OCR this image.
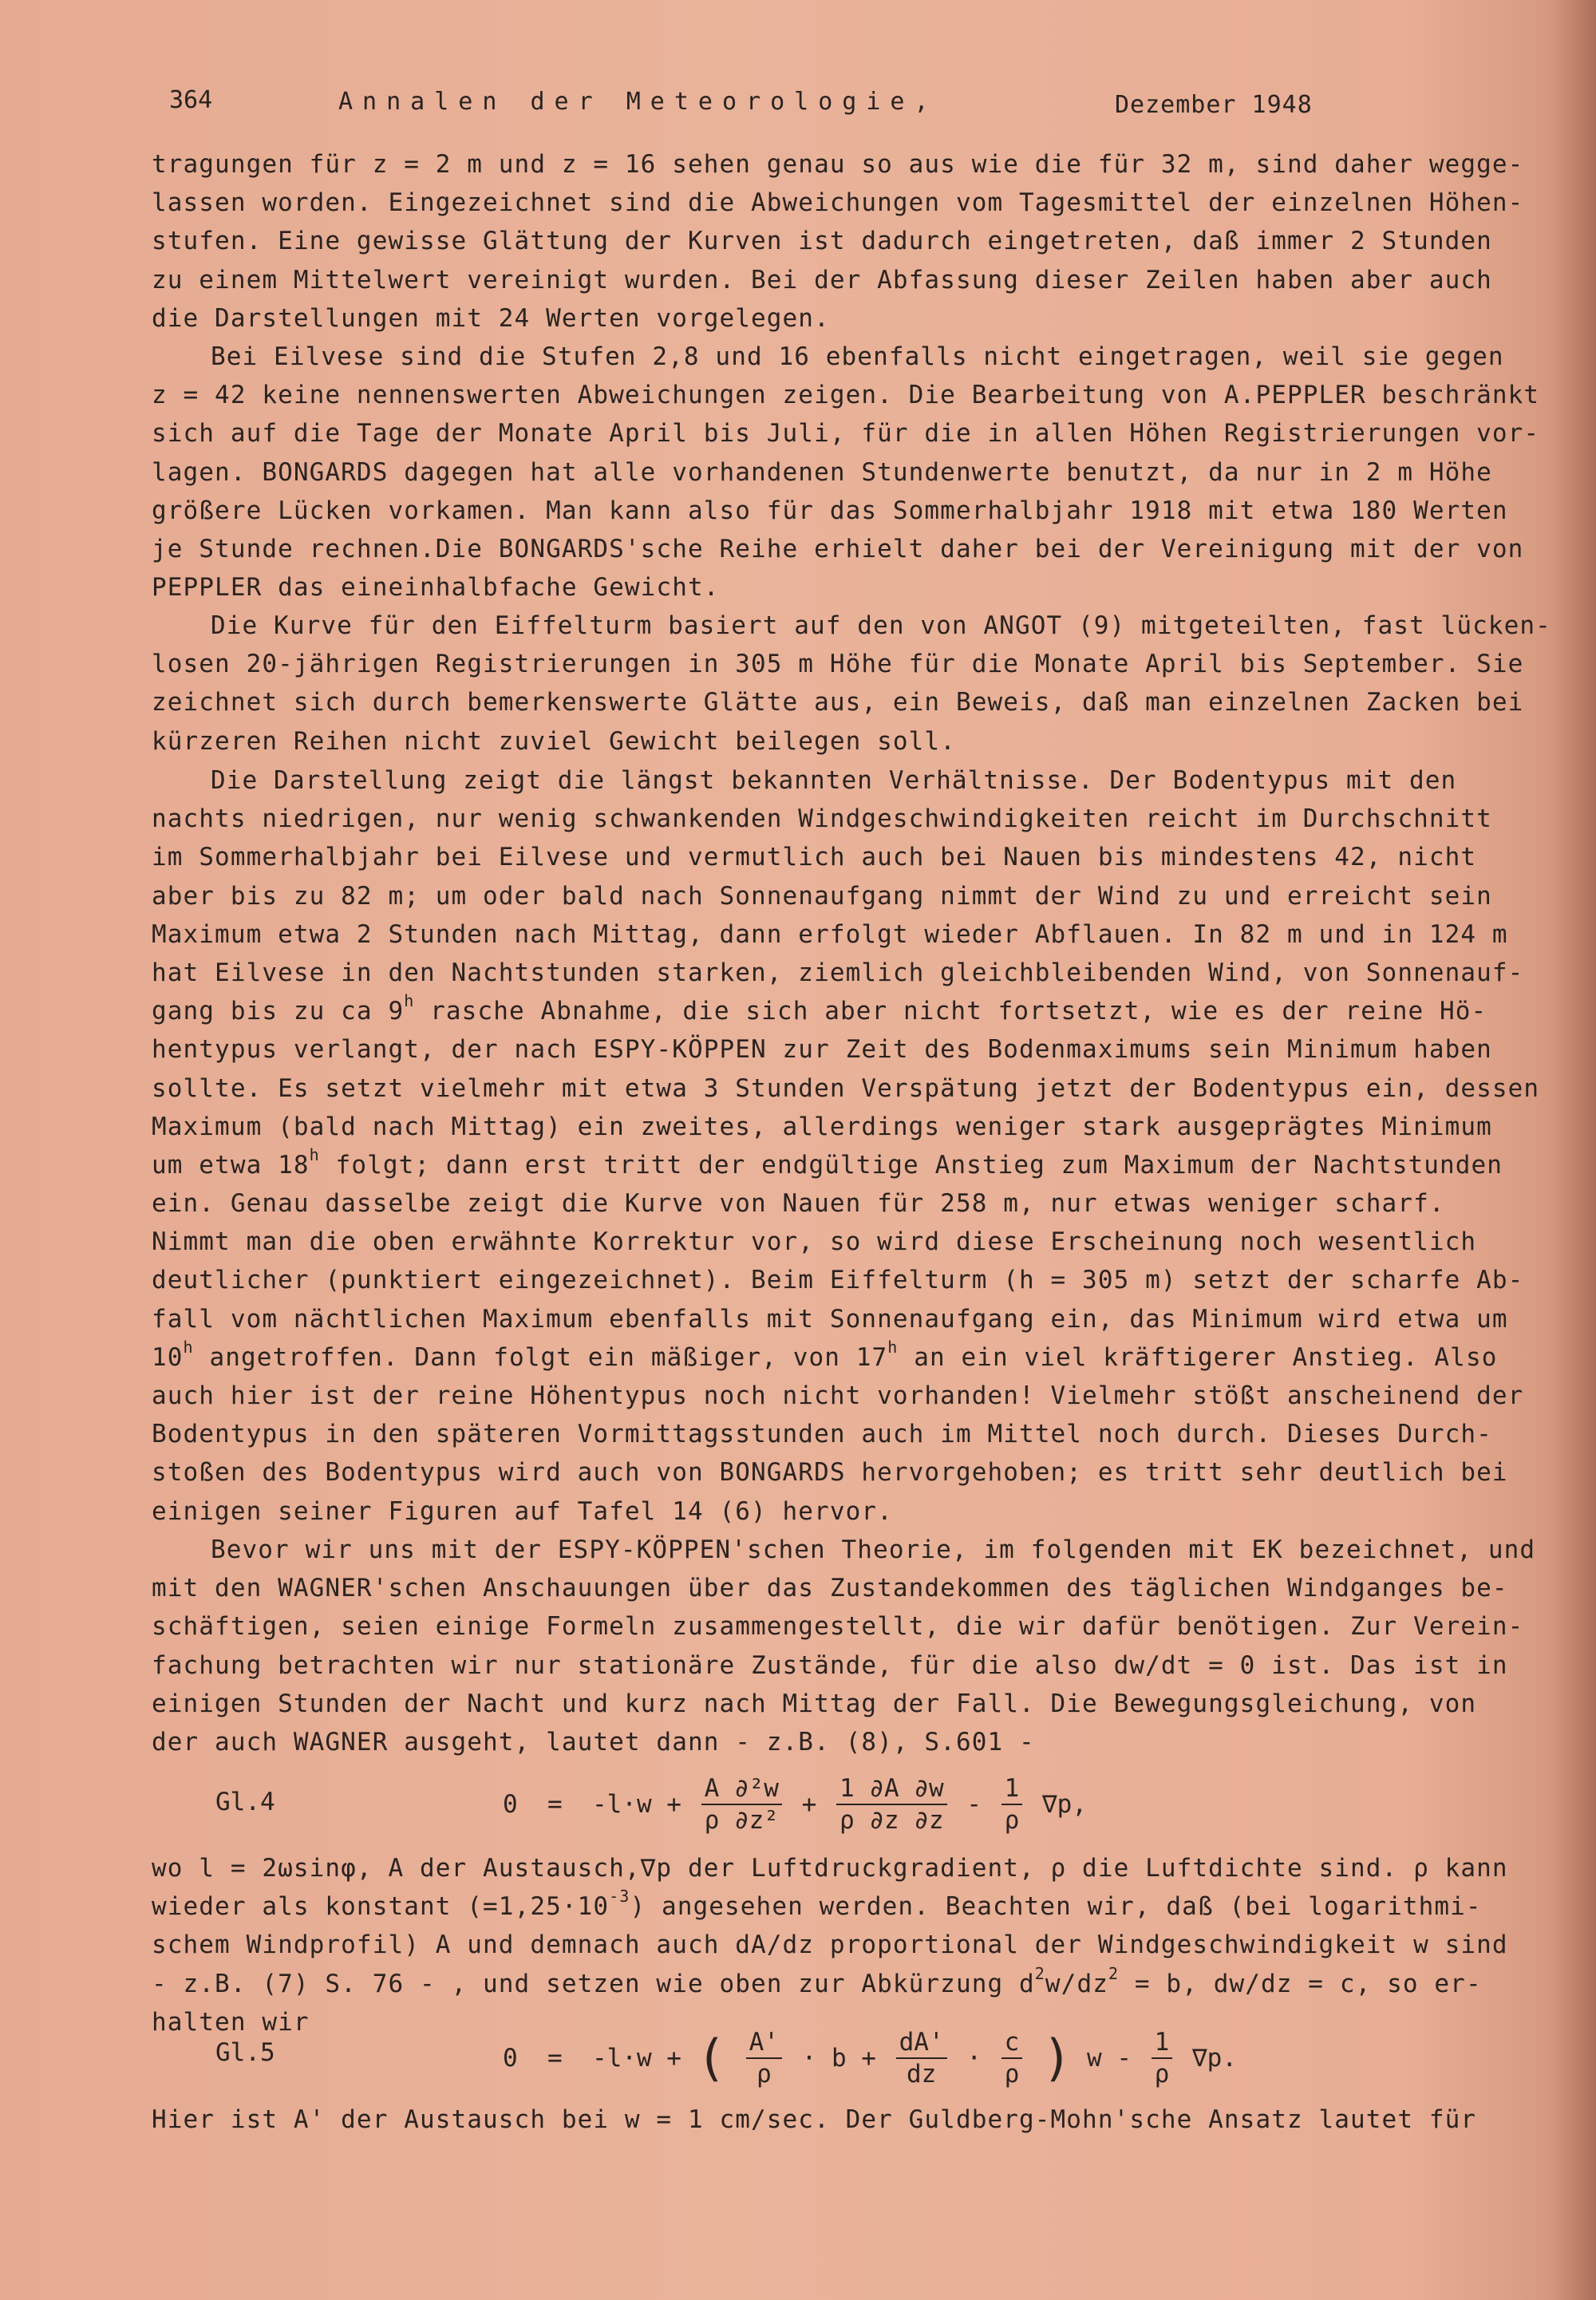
364

	Annalen der Meteorologie,

	Dezember 1948

tragungen für z = 2 m und z = 16 sehen genau so aus wie die für 32 m, sind daher wegge-
lassen worden. Eingezeichnet sind die Abweichungen vom Tagesmittel der einzelnen Höhen-
stufen. Eine gewisse Glättung der Kurven ist dadurch eingetreten, daß immer 2 Stunden
zu einem Mittelwert vereinigt wurden. Bei der Abfassung dieser Zeilen haben aber auch
die Darstellungen mit 24 Werten vorgelegen.
Bei Eilvese sind die Stufen 2,8 und 16 ebenfalls nicht eingetragen, weil sie gegen
z = 42 keine nennenswerten Abweichungen zeigen. Die Bearbeitung von A.PEPPLER beschränkt
sich auf die Tage der Monate April bis Juli, für die in allen Höhen Registrierungen vor-
lagen. BONGARDS dagegen hat alle vorhandenen Stundenwerte benutzt, da nur in 2 m Höhe
größere Lücken vorkamen. Man kann also für das Sommerhalbjahr 1918 mit etwa 180 Werten
je Stunde rechnen.Die BONGARDS'sche Reihe erhielt daher bei der Vereinigung mit der von
PEPPLER das eineinhalbfache Gewicht.
Die Kurve für den Eiffelturm basiert auf den von ANGOT (9) mitgeteilten, fast lücken-
losen 20-jährigen Registrierungen in 305 m Höhe für die Monate April bis September. Sie
zeichnet sich durch bemerkenswerte Glätte aus, ein Beweis, daß man einzelnen Zacken bei
kürzeren Reihen nicht zuviel Gewicht beilegen soll.
Die Darstellung zeigt die längst bekannten Verhältnisse. Der Bodentypus mit den
nachts niedrigen, nur wenig schwankenden Windgeschwindigkeiten reicht im Durchschnitt
im Sommerhalbjahr bei Eilvese und vermutlich auch bei Nauen bis mindestens 42, nicht
aber bis zu 82 m; um oder bald nach Sonnenaufgang nimmt der Wind zu und erreicht sein
Maximum etwa 2 Stunden nach Mittag, dann erfolgt wieder Abflauen. In 82 m und in 124 m
hat Eilvese in den Nachtstunden starken, ziemlich gleichbleibenden Wind, von Sonnenauf-
gang bis zu ca 9$^h$ rasche Abnahme, die sich aber nicht fortsetzt, wie es der reine Hö-
hentypus verlangt, der nach ESPY-KÖPPEN zur Zeit des Bodenmaximums sein Minimum haben
sollte. Es setzt vielmehr mit etwa 3 Stunden Verspätung jetzt der Bodentypus ein, dessen
Maximum (bald nach Mittag) ein zweites, allerdings weniger stark ausgeprägtes Minimum
um etwa 18$^h$ folgt; dann erst tritt der endgültige Anstieg zum Maximum der Nachtstunden
ein. Genau dasselbe zeigt die Kurve von Nauen für 258 m, nur etwas weniger scharf.
Nimmt man die oben erwähnte Korrektur vor, so wird diese Erscheinung noch wesentlich
deutlicher (punktiert eingezeichnet). Beim Eiffelturm (h = 305 m) setzt der scharfe Ab-
fall vom nächtlichen Maximum ebenfalls mit Sonnenaufgang ein, das Minimum wird etwa um
10$^h$ angetroffen. Dann folgt ein mäßiger, von 17$^h$ an ein viel kräftigerer Anstieg. Also
auch hier ist der reine Höhentypus noch nicht vorhanden! Vielmehr stößt anscheinend der
Bodentypus in den späteren Vormittagsstunden auch im Mittel noch durch. Dieses Durch-
stoßen des Bodentypus wird auch von BONGARDS hervorgehoben; es tritt sehr deutlich bei
einigen seiner Figuren auf Tafel 14 (6) hervor.
Bevor wir uns mit der ESPY-KÖPPEN'schen Theorie, im folgenden mit EK bezeichnet, und
mit den WAGNER'schen Anschauungen über das Zustandekommen des täglichen Windganges be-
schäftigen, seien einige Formeln zusammengestellt, die wir dafür benötigen. Zur Verein-
fachung betrachten wir nur stationäre Zustände, für die also dw/dt = 0 ist. Das ist in
einigen Stunden der Nacht und kurz nach Mittag der Fall. Die Bewegungsgleichung, von
der auch WAGNER ausgeht, lautet dann - z.B. (8), S.601 -
Gl.4	$0 = -l\cdot w + \frac{\text{A ∂²w}}{\text{ρ ∂z²}} + \frac{1 \partial A \partial w}{\rho \partial z \partial z} - \frac{1}{\rho} \nabla p$,
wo l = 2ωsinφ, A der Austausch,∇p der Luftdruckgradient, ρ die Luftdichte sind. ρ kann
wieder als konstant $(=1,25\cdot 10^{-3})$ angesehen werden. Beachten wir, daß (bei logarithmi-
schem Windprofil) A und demnach auch dA/dz proportional der Windgeschwindigkeit w sind
- z.B. (7) S. 76 - , und setzen wie oben zur Abkürzung $d^2w/dz^2 = b$, dw/dz = c, so er-
halten wir
Gl.5	0  =  -l·w + ( $\frac{A'}{\rho} \cdot b + \frac{dA'}{dz} \cdot \frac{c}{\rho}$ ) w - $\frac{1}{\rho} \nabla p$.
Hier ist A' der Austausch bei w = 1 cm/sec. Der Guldberg-Mohn'sche Ansatz lautet für
